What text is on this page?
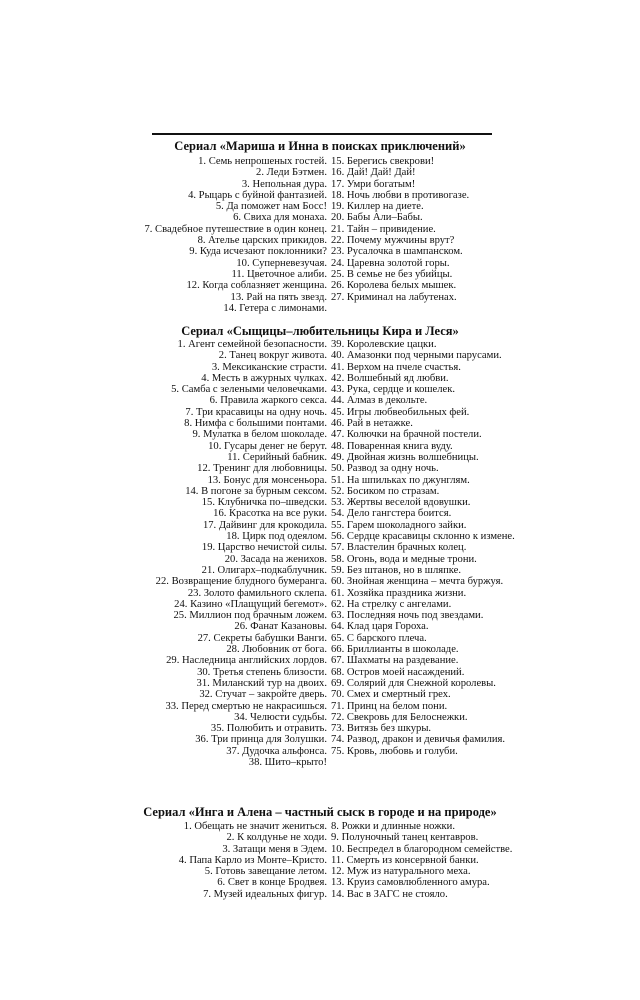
Сериал «Мариша и Инна в поисках приключений»
1. Семь непрошеных гостей.
2. Леди Бэтмен.
3. Непольная дура.
4. Рыцарь с буйной фантазией.
5. Да поможет нам Босс!
6. Свиха для монаха.
7. Свадебное путешествие в один конец.
8. Ателье царских прикидов.
9. Куда исчезают поклонники?
10. Суперневезучая.
11. Цветочное алиби.
12. Когда соблазняет женщина.
13. Рай на пять звезд.
14. Гетера с лимонами.
15. Берегись свекрови!
16. Дай! Дай! Дай!
17. Умри богатым!
18. Ночь любви в противогазе.
19. Киллер на диете.
20. Бабы Али–Бабы.
21. Тайн – привидение.
22. Почему мужчины врут?
23. Русалочка в шампанском.
24. Царевна золотой горы.
25. В семье не без убийцы.
26. Королева белых мышек.
27. Криминал на лабутенах.
Сериал «Сыщицы–любительницы Кира и Леся»
1. Агент семейной безопасности.
2. Танец вокруг живота.
3. Мексиканские страсти.
4. Месть в ажурных чулках.
5. Самба с зелеными человечками.
6. Правила жаркого секса.
7. Три красавицы на одну ночь.
8. Нимфа с большими понтами.
9. Мулатка в белом шоколаде.
10. Гусары денег не берут.
11. Серийный бабник.
12. Тренинг для любовницы.
13. Бонус для монсеньора.
14. В погоне за бурным сексом.
15. Клубничка по–шведски.
16. Красотка на все руки.
17. Дайвинг для крокодила.
18. Цирк под одеялом.
19. Царство нечистой силы.
20. Засада на женихов.
21. Олигарх–подкаблучник.
22. Возвращение блудного бумеранга.
23. Золото фамильного склепа.
24. Казино «Плащущий бегемот».
25. Миллион под брачным ложем.
26. Фанат Казановы.
27. Секреты бабушки Ванги.
28. Любовник от бога.
29. Наследница английских лордов.
30. Третья степень близости.
31. Миланский тур на двоих.
32. Стучат – закройте дверь.
33. Перед смертью не накрасишься.
34. Челюсти судьбы.
35. Полюбить и отравить.
36. Три принца для Золушки.
37. Дудочка альфонса.
38. Шито–крыто!
39. Королевские цацки.
40. Амазонки под черными парусами.
41. Верхом на пчеле счастья.
42. Волшебный яд любви.
43. Рука, сердце и кошелек.
44. Алмаз в декольте.
45. Игры любвеобильных фей.
46. Рай в нетажке.
47. Колючки на брачной постели.
48. Поваренная книга вуду.
49. Двойная жизнь волшебницы.
50. Развод за одну ночь.
51. На шпильках по джунглям.
52. Босиком по стразам.
53. Жертвы веселой вдовушки.
54. Дело гангстера боится.
55. Гарем шоколадного зайки.
56. Сердце красавицы склонно к измене.
57. Властелин брачных колец.
58. Огонь, вода и медные трони.
59. Без штанов, но в шляпке.
60. Знойная женщина – мечта буржуя.
61. Хозяйка праздника жизни.
62. На стрелку с ангелами.
63. Последняя ночь под звездами.
64. Клад царя Гороха.
65. С барского плеча.
66. Бриллианты в шоколаде.
67. Шахматы на раздевание.
68. Остров моей насаждений.
69. Солярий для Снежной королевы.
70. Смех и смертный грех.
71. Принц на белом пони.
72. Свекровь для Белоснежки.
73. Витязь без шкуры.
74. Развод, дракон и девичья фамилия.
75. Кровь, любовь и голуби.
Сериал «Инга и Алена – частный сыск в городе и на природе»
1. Обещать не значит жениться.
2. К колдунье не ходи.
3. Затащи меня в Эдем.
4. Папа Карло из Монте–Кристо.
5. Готовь завещание летом.
6. Свет в конце Бродвея.
7. Музей идеальных фигур.
8. Рожки и длинные ножки.
9. Полуночный танец кентавров.
10. Беспредел в благородном семействе.
11. Смерть из консервной банки.
12. Муж из натурального меха.
13. Круиз самовлюбленного амура.
14. Вас в ЗАГС не стояло.
